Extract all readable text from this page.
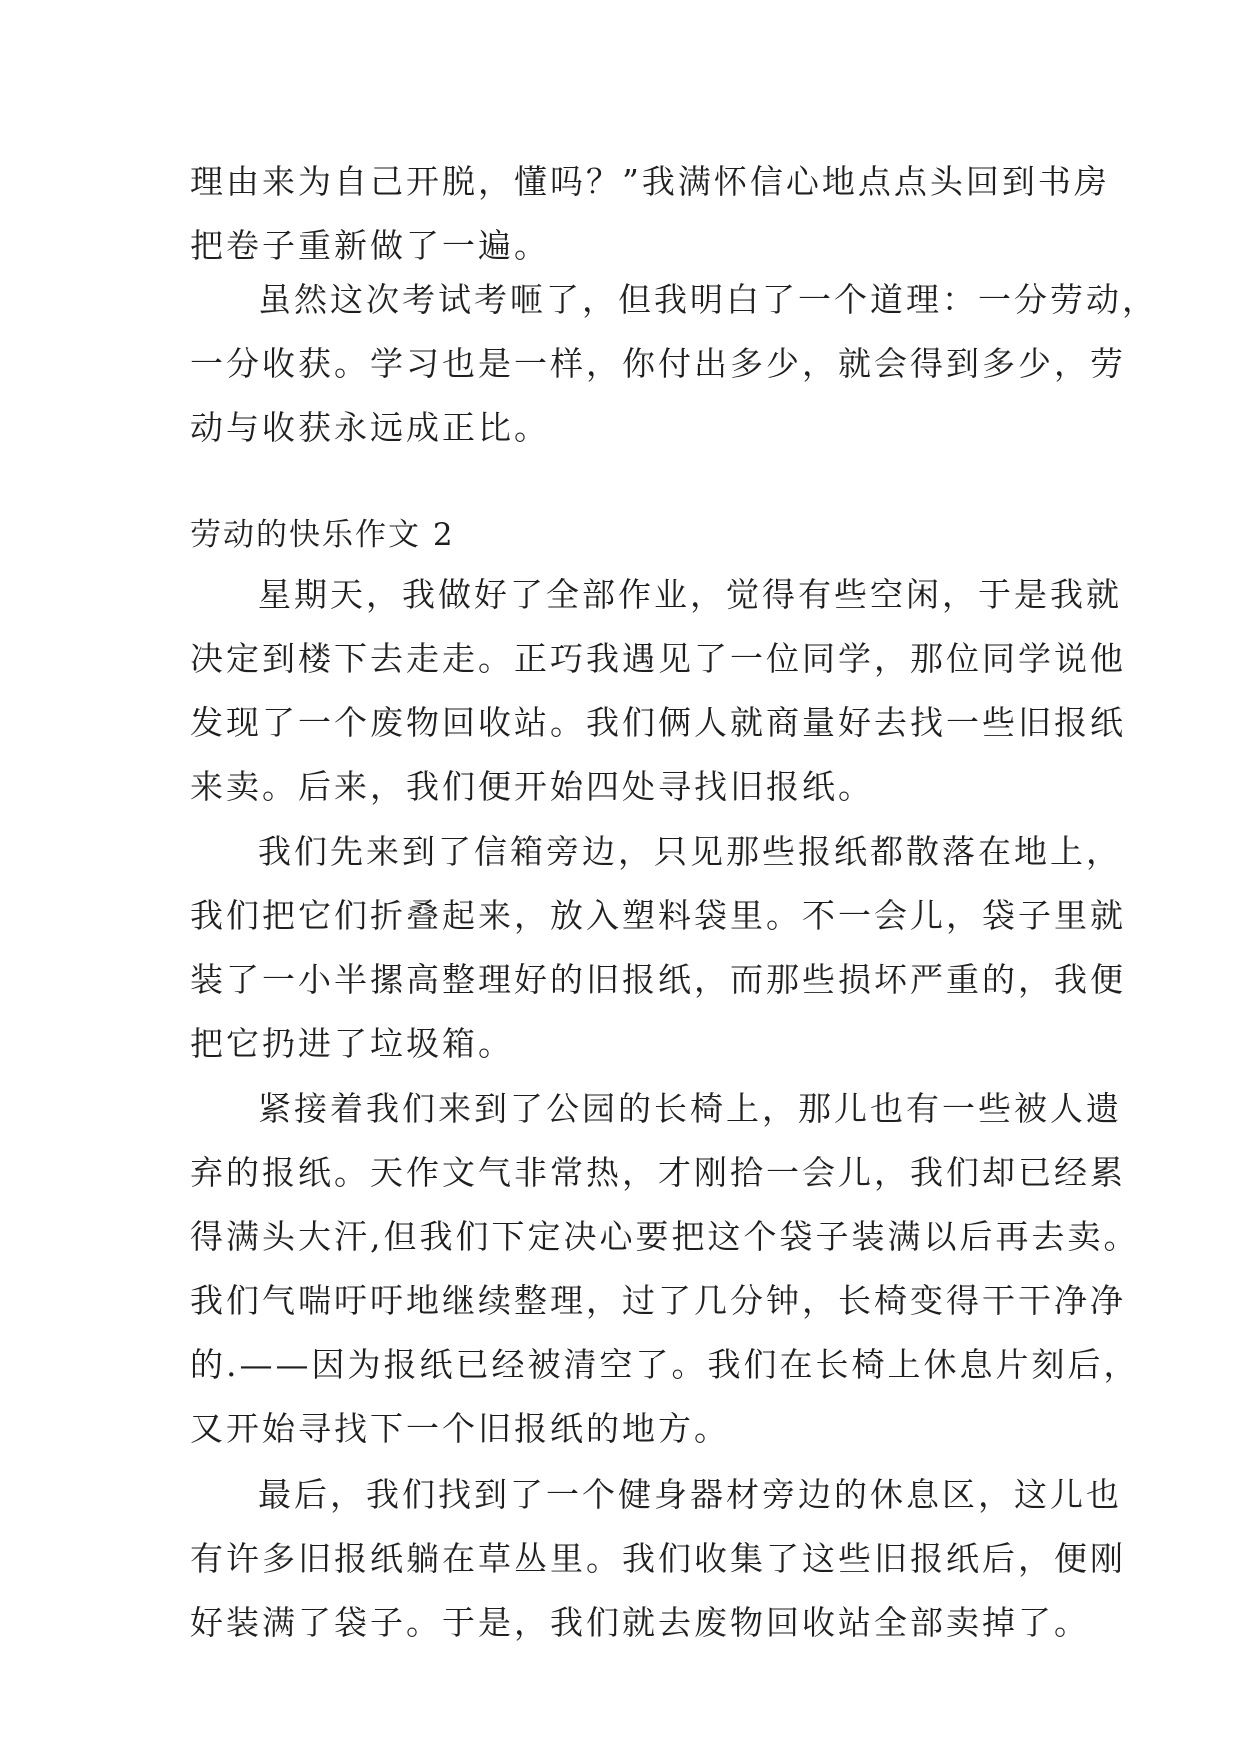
理由来为自己开脱，懂吗？”我满怀信心地点点头回到书房
把卷子重新做了一遍。
虽然这次考试考咂了，但我明白了一个道理：一分劳动，
一分收获。学习也是一样，你付出多少，就会得到多少，劳
动与收获永远成正比。
劳动的快乐作文 2
星期天，我做好了全部作业，觉得有些空闲，于是我就
决定到楼下去走走。正巧我遇见了一位同学，那位同学说他
发现了一个废物回收站。我们俩人就商量好去找一些旧报纸
来卖。后来，我们便开始四处寻找旧报纸。
我们先来到了信箱旁边，只见那些报纸都散落在地上，
我们把它们折叠起来，放入塑料袋里。不一会儿，袋子里就
装了一小半摞高整理好的旧报纸，而那些损坏严重的，我便
把它扔进了垃圾箱。
紧接着我们来到了公园的长椅上，那儿也有一些被人遗
弃的报纸。天作文气非常热，才刚拾一会儿，我们却已经累
得满头大汗,但我们下定决心要把这个袋子装满以后再去卖。
我们气喘吁吁地继续整理，过了几分钟，长椅变得干干净净
的.——因为报纸已经被清空了。我们在长椅上休息片刻后，
又开始寻找下一个旧报纸的地方。
最后，我们找到了一个健身器材旁边的休息区，这儿也
有许多旧报纸躺在草丛里。我们收集了这些旧报纸后，便刚
好装满了袋子。于是，我们就去废物回收站全部卖掉了。
